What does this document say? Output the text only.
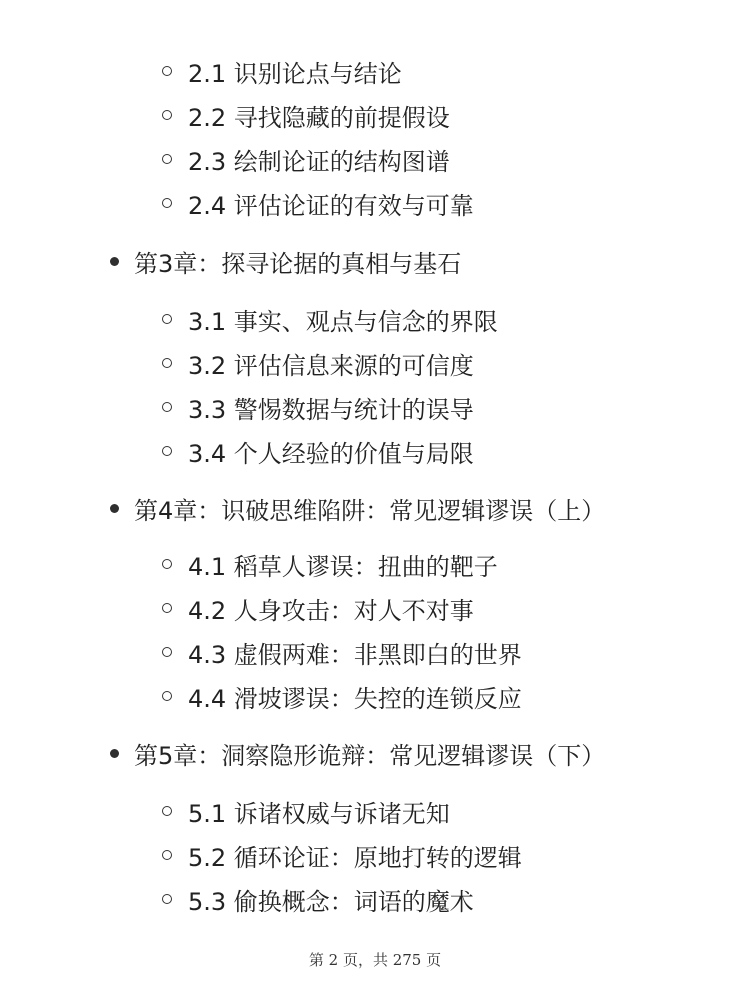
2.1 识别论点与结论
2.2 寻找隐藏的前提假设
2.3 绘制论证的结构图谱
2.4 评估论证的有效与可靠
第3章：探寻论据的真相与基石
3.1 事实、观点与信念的界限
3.2 评估信息来源的可信度
3.3 警惕数据与统计的误导
3.4 个人经验的价值与局限
第4章：识破思维陷阱：常见逻辑谬误（上）
4.1 稻草人谬误：扭曲的靶子
4.2 人身攻击：对人不对事
4.3 虚假两难：非黑即白的世界
4.4 滑坡谬误：失控的连锁反应
第5章：洞察隐形诡辩：常见逻辑谬误（下）
5.1 诉诸权威与诉诸无知
5.2 循环论证：原地打转的逻辑
5.3 偷换概念：词语的魔术
第 2 页，共 275 页
